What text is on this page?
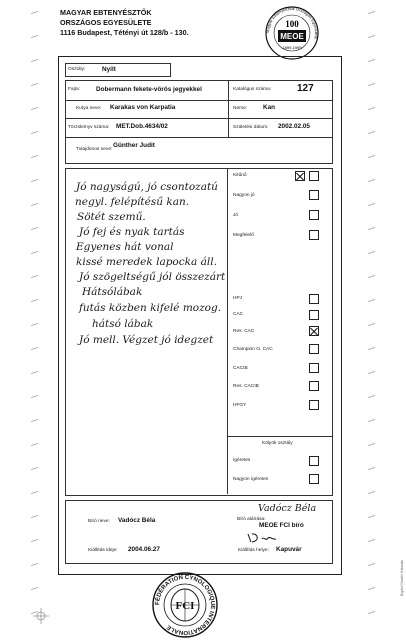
MAGYAR EBTENYÉSZTŐK
ORSZÁGOS EGYESÜLETE
1116 Budapest, Tétényi út 128/b - 130.	Magyar Ebtenyésztők Országos Egyesülete
100
MEOE
1899-1999
Osztály:	Nyílt
Fajta:	Dobermann fekete-vörös jegyekkel	Katalógus száma:	127
Kutya neve: Karakas von Karpatia	Neme: Kan
Törzskönyv száma: MET.Dob.4634/02	Születési dátum: 2002.02.05
Tulajdonos neve:
Günther Judit
Jó nagyságú, jó csontozatú
negyl. felépítésű kan.
Sötét szemű.
Jó fej és nyak tartás
Egyenes hát vonal
kissé meredek lapocka áll.
Jó szögeltségű jól összezárt
Hátsólábak
futás közben kifelé mozog.
hátsó lábak
Jó mell. Végzet jó idegzet
Kitűnő
Nagyon jó
Jó
Megfelelő
HPJ
CAC
Res. CAC
Champion O. CAC
CACIB
Res. CACIB
HFGY
Kölyök osztály
Ígéretes
Nagyon ígéretes
Bíró neve: Vadócz Béla
Vadócz Béla
Bíró aláírása:
MEOE FCI bíró
Kiállítás ideje: 2004.06.27	Kiállítás helye: Kapuvár
FÉDÉRATION CYNOLOGIQUE INTERNATIONALE
FCI
Digital Charter Kalanda
